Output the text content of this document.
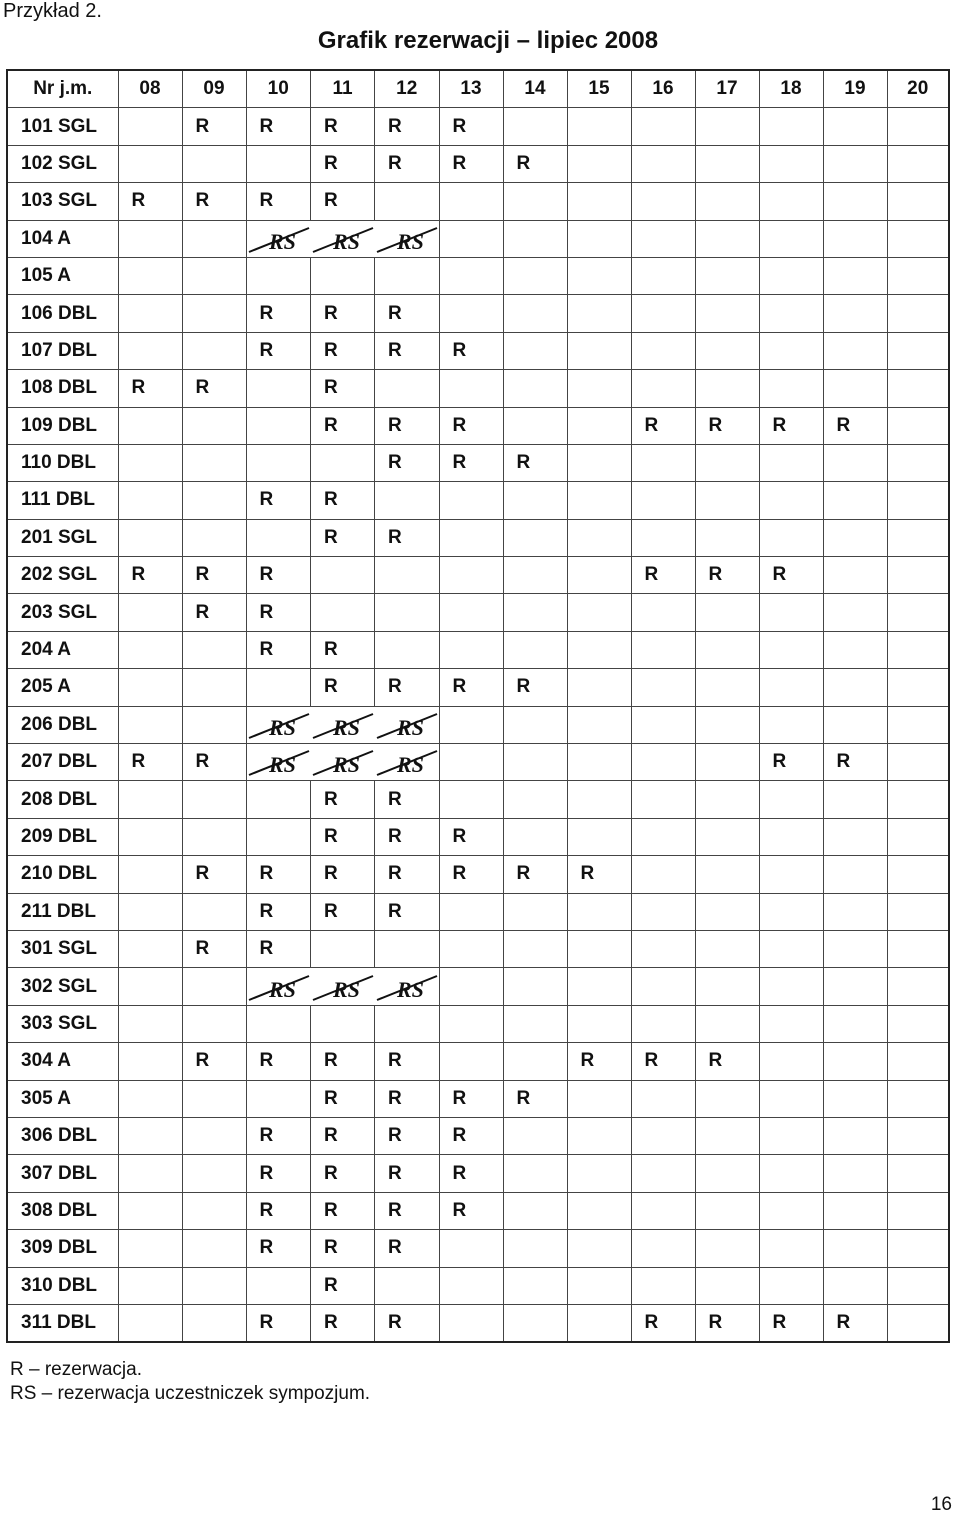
Przykład 2.
Grafik rezerwacji – lipiec 2008
Nr j.m.	08	09	10	11	12	13	14	15	16	17	18	19	20
101 SGL		R	R	R	R	R							
102 SGL				R	R	R	R						
103 SGL	R	R	R	R									
104 A			RS	RS	RS								

105 A													
106 DBL			R	R	R								
107 DBL			R	R	R	R							
108 DBL	R	R		R									
109 DBL				R	R	R			R	R	R	R	
110 DBL					R	R	R						
111 DBL			R	R									
201 SGL				R	R								
202 SGL	R	R	R						R	R	R		
203 SGL		R	R										
204 A			R	R									
205 A				R	R	R	R						
206 DBL			RS	RS	RS								

207 DBL	R	R	RS	RS	RS						R	R	
208 DBL				R	R								
209 DBL				R	R	R							
210 DBL		R	R	R	R	R	R	R					
211 DBL			R	R	R								
301 SGL		R	R										
302 SGL			RS	RS	RS								

303 SGL													
304 A		R	R	R	R			R	R	R			
305 A				R	R	R	R						
306 DBL			R	R	R	R							
307 DBL			R	R	R	R							
308 DBL			R	R	R	R							
309 DBL			R	R	R								
310 DBL				R									
311 DBL			R	R	R				R	R	R	R	
R – rezerwacja.
RS – rezerwacja uczestniczek sympozjum.
16
